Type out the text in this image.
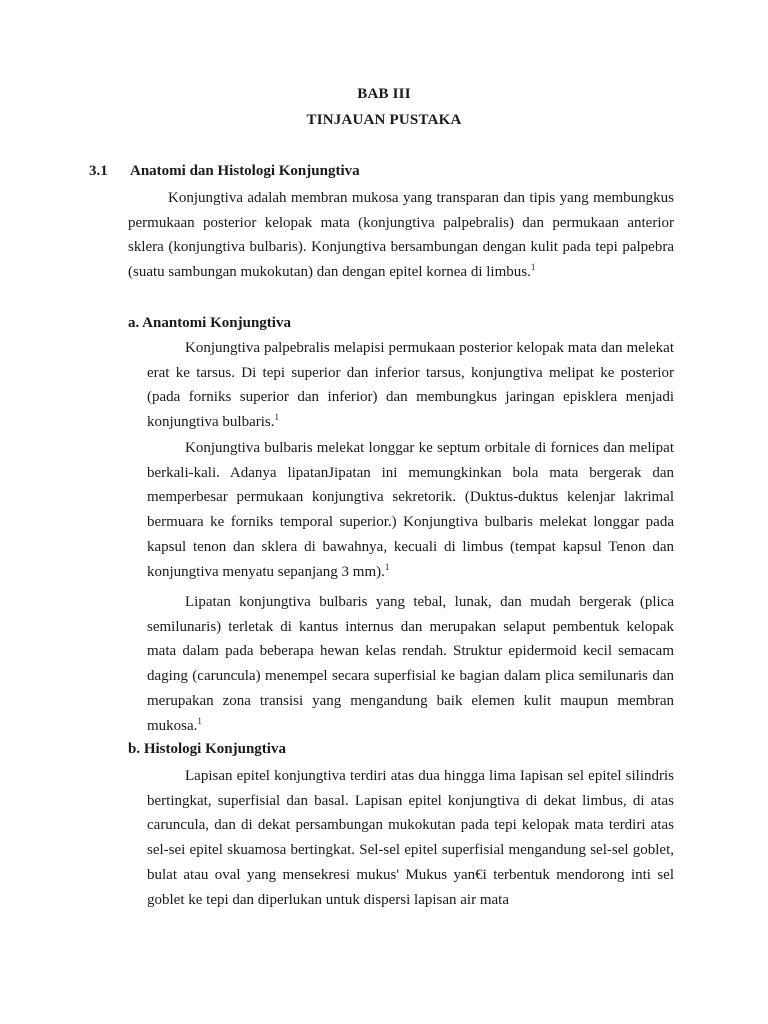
BAB III
TINJAUAN PUSTAKA
3.1 Anatomi dan Histologi Konjungtiva

Konjungtiva adalah membran mukosa yang transparan dan tipis yang membungkus permukaan posterior kelopak mata (konjungtiva palpebralis) dan permukaan anterior sklera (konjungtiva bulbaris). Konjungtiva bersambungan dengan kulit pada tepi palpebra (suatu sambungan mukokutan) dan dengan epitel kornea di limbus.$^1$

a. Anantomi Konjungtiva

Konjungtiva palpebralis melapisi permukaan posterior kelopak mata dan melekat erat ke tarsus. Di tepi superior dan inferior tarsus, konjungtiva melipat ke posterior (pada forniks superior dan inferior) dan membungkus jaringan episklera menjadi konjungtiva bulbaris.$^1$

Konjungtiva bulbaris melekat longgar ke septum orbitale di fornices dan melipat berkali-kali. Adanya lipatanJipatan ini memungkinkan bola mata bergerak dan memperbesar permukaan konjungtiva sekretorik. (Duktus-duktus kelenjar lakrimal bermuara ke forniks temporal superior.) Konjungtiva bulbaris melekat longgar pada kapsul tenon dan sklera di bawahnya, kecuali di limbus (tempat kapsul Tenon dan konjungtiva menyatu sepanjang 3 mm).$^1$

Lipatan konjungtiva bulbaris yang tebal, lunak, dan mudah bergerak (plica semilunaris) terletak di kantus internus dan merupakan selaput pembentuk kelopak mata dalam pada beberapa hewan kelas rendah. Struktur epidermoid kecil semacam daging (caruncula) menempel secara superfisial ke bagian dalam plica semilunaris dan merupakan zona transisi yang mengandung baik elemen kulit maupun membran mukosa.$^1$

b. Histologi Konjungtiva

Lapisan epitel konjungtiva terdiri atas dua hingga lima Iapisan sel epitel silindris bertingkat, superfisial dan basal. Lapisan epitel konjungtiva di dekat limbus, di atas caruncula, dan di dekat persambungan mukokutan pada tepi kelopak mata terdiri atas sel-sei epitel skuamosa bertingkat. Sel-sel epitel superfisial mengandung sel-sel goblet, bulat atau oval yang mensekresi mukus' Mukus yan€i terbentuk mendorong inti sel goblet ke tepi dan diperlukan untuk dispersi lapisan air mata
